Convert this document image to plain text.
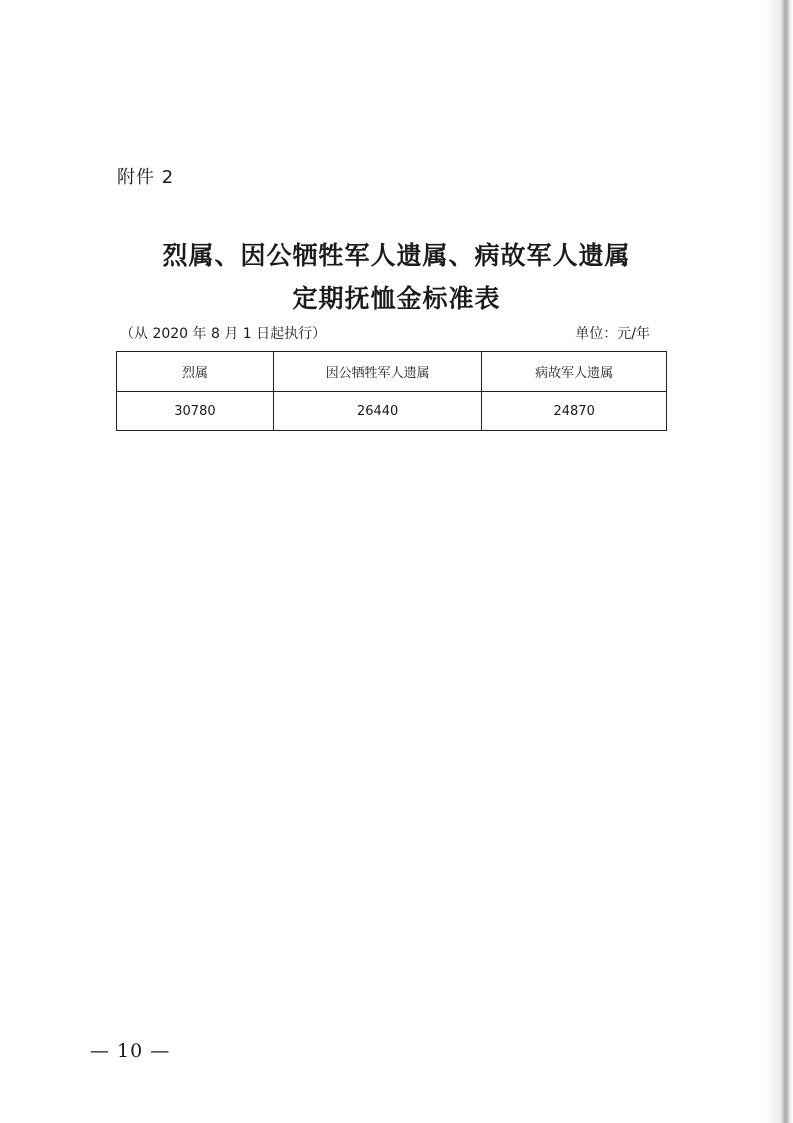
附件 2
烈属、因公牺牲军人遗属、病故军人遗属
定期抚恤金标准表
（从 2020 年 8 月 1 日起执行）	单位：元/年
烈属	因公牺牲军人遗属	病故军人遗属
30780	26440	24870
— 10 —
